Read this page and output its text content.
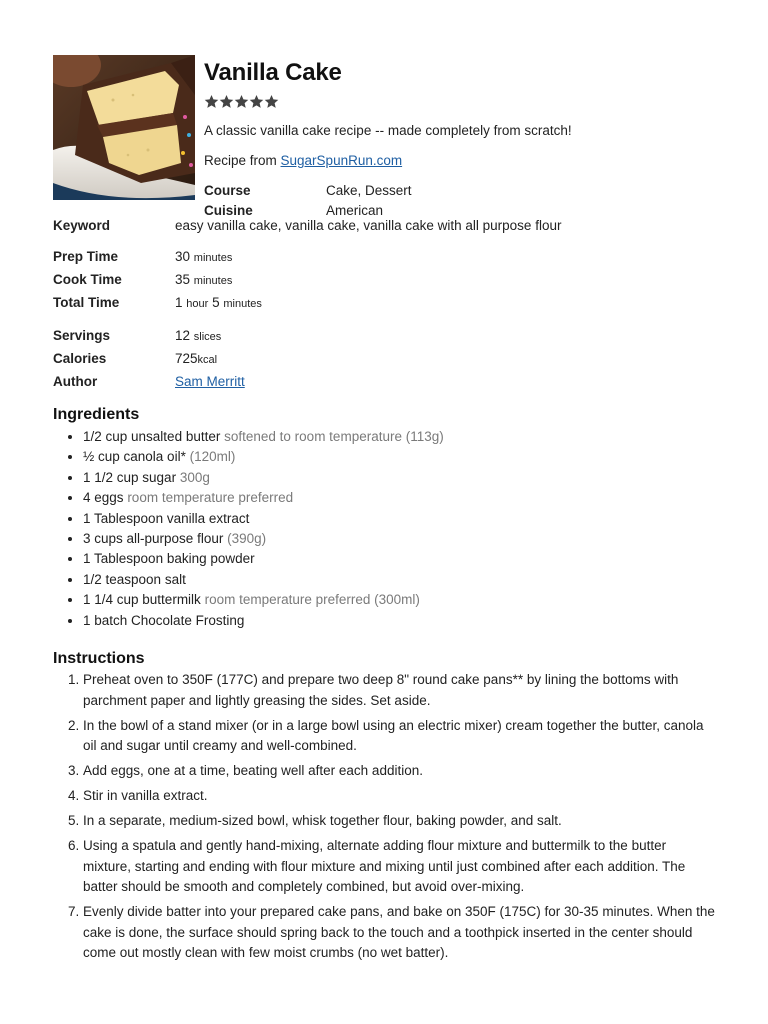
Vanilla Cake
A classic vanilla cake recipe -- made completely from scratch!
Recipe from SugarSpunRun.com
Course	Cake, Dessert
Cuisine	American
Keyword	easy vanilla cake, vanilla cake, vanilla cake with all purpose flour
Prep Time	30 minutes
Cook Time	35 minutes
Total Time	1 hour 5 minutes
Servings	12 slices
Calories	725kcal
Author	Sam Merritt
Ingredients
• 1/2 cup unsalted butter softened to room temperature (113g)
• ½ cup canola oil* (120ml)
• 1 1/2 cup sugar 300g
• 4 eggs room temperature preferred
• 1 Tablespoon vanilla extract
• 3 cups all-purpose flour (390g)
• 1 Tablespoon baking powder
• 1/2 teaspoon salt
• 1 1/4 cup buttermilk room temperature preferred (300ml)
• 1 batch Chocolate Frosting
Instructions
1. Preheat oven to 350F (177C) and prepare two deep 8" round cake pans** by lining the bottoms with parchment paper and lightly greasing the sides. Set aside.
2. In the bowl of a stand mixer (or in a large bowl using an electric mixer) cream together the butter, canola oil and sugar until creamy and well-combined.
3. Add eggs, one at a time, beating well after each addition.
4. Stir in vanilla extract.
5. In a separate, medium-sized bowl, whisk together flour, baking powder, and salt.
6. Using a spatula and gently hand-mixing, alternate adding flour mixture and buttermilk to the butter mixture, starting and ending with flour mixture and mixing until just combined after each addition. The batter should be smooth and completely combined, but avoid over-mixing.
7. Evenly divide batter into your prepared cake pans, and bake on 350F (175C) for 30-35 minutes. When the cake is done, the surface should spring back to the touch and a toothpick inserted in the center should come out mostly clean with few moist crumbs (no wet batter).
